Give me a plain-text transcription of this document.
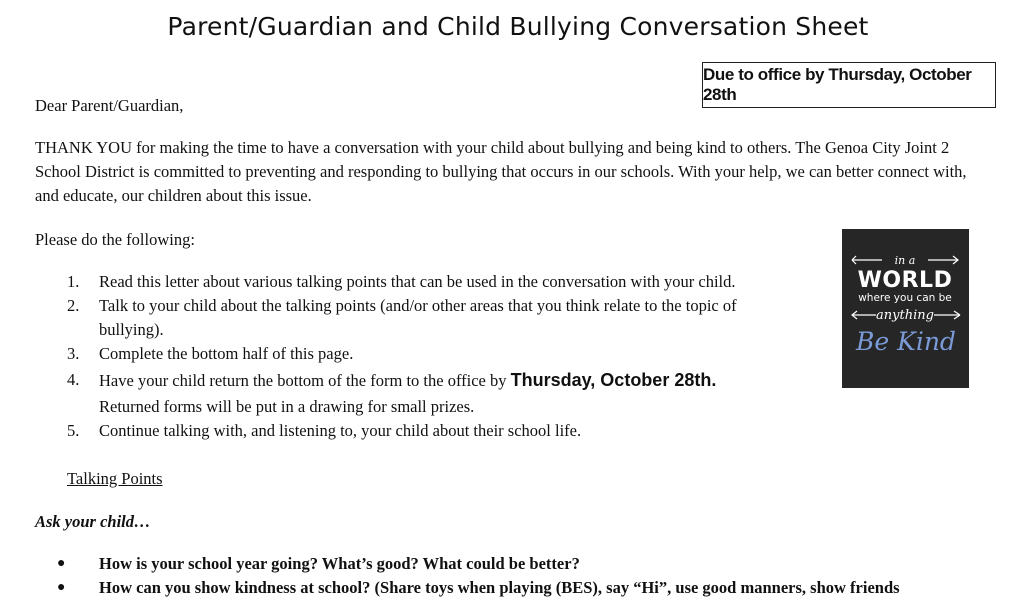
Parent/Guardian and Child Bullying Conversation Sheet
Due to office by Thursday, October 28th
Dear Parent/Guardian,
THANK YOU for making the time to have a conversation with your child about bullying and being kind to others. The Genoa City Joint 2 School District is committed to preventing and responding to bullying that occurs in our schools. With your help, we can better connect with, and educate, our children about this issue.
Please do the following:
1. Read this letter about various talking points that can be used in the conversation with your child.
2. Talk to your child about the talking points (and/or other areas that you think relate to the topic of bullying).
3. Complete the bottom half of this page.
4. Have your child return the bottom of the form to the office by Thursday, October 28th.
Returned forms will be put in a drawing for small prizes.
5. Continue talking with, and listening to, your child about their school life.
Talking Points
Ask your child…
● How is your school year going? What’s good? What could be better?
● How can you show kindness at school? (Share toys when playing (BES), say “Hi”, use good manners, show friends
in a
WORLD
where you can be
anything
Be Kind
